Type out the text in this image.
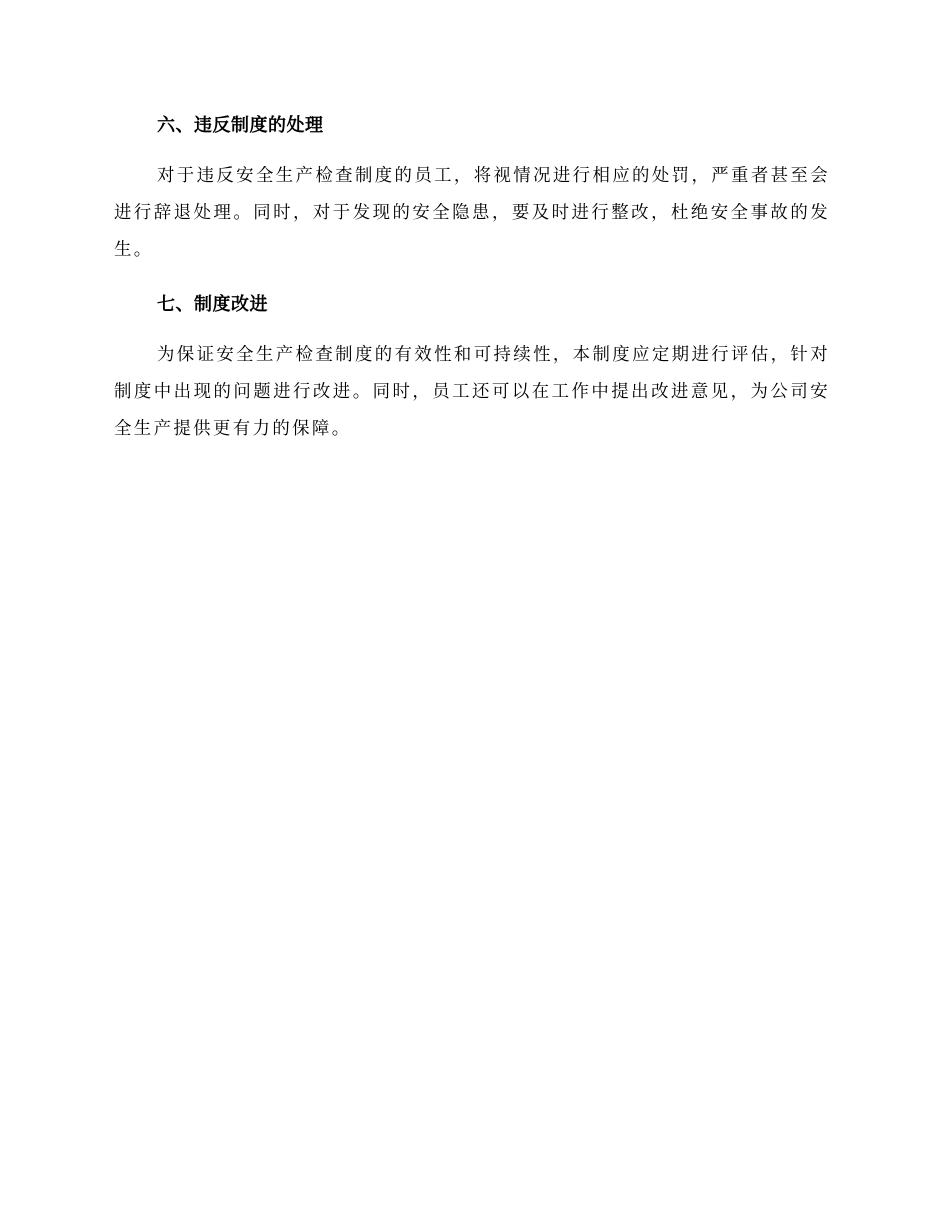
六、违反制度的处理

对于违反安全生产检查制度的员工，将视情况进行相应的处罚，严重者甚至会进行辞退处理。同时，对于发现的安全隐患，要及时进行整改，杜绝安全事故的发生。

七、制度改进

为保证安全生产检查制度的有效性和可持续性，本制度应定期进行评估，针对制度中出现的问题进行改进。同时，员工还可以在工作中提出改进意见，为公司安全生产提供更有力的保障。
